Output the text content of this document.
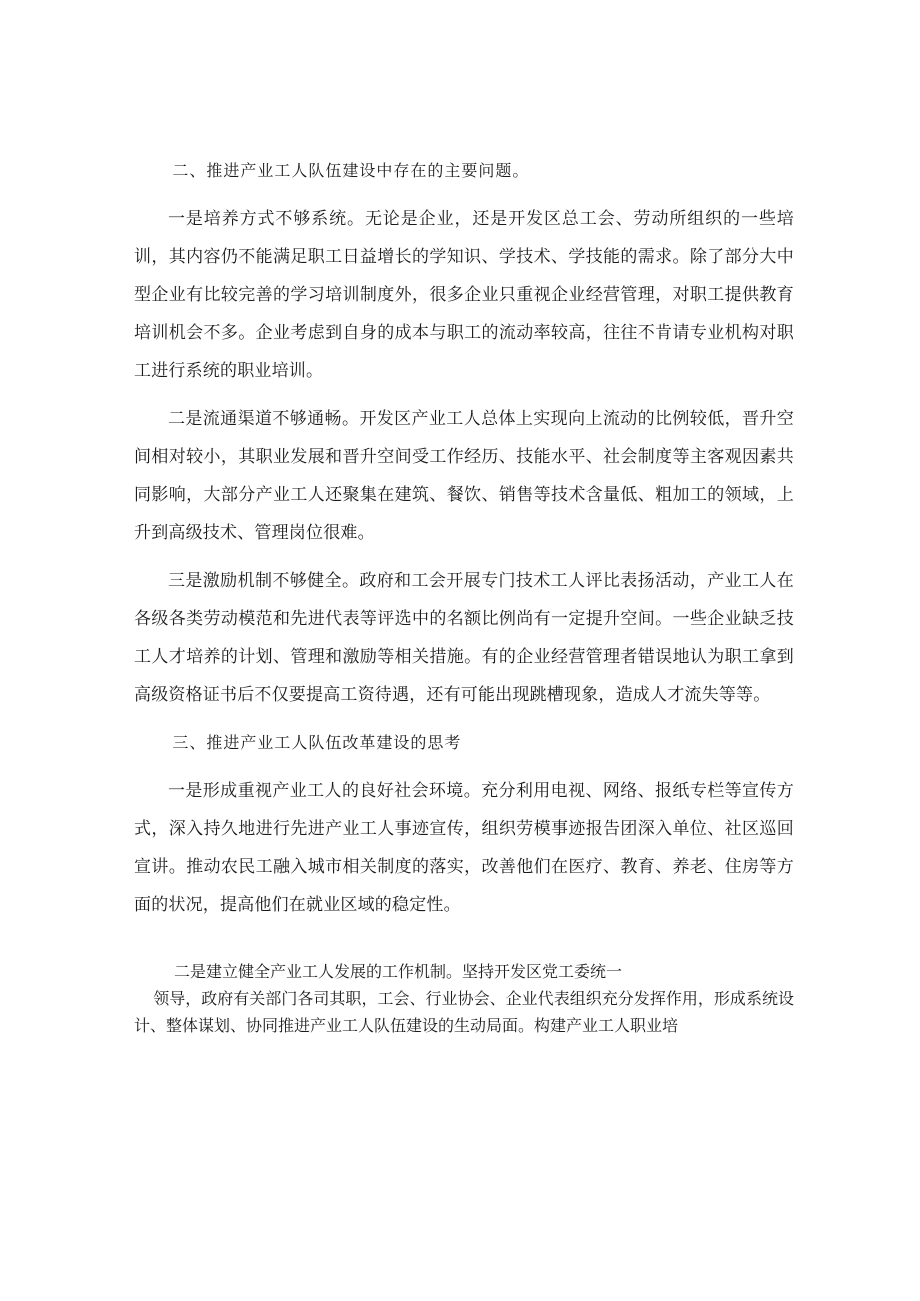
二、推进产业工人队伍建设中存在的主要问题。

一是培养方式不够系统。无论是企业，还是开发区总工会、劳动所组织的一些培训，其内容仍不能满足职工日益增长的学知识、学技术、学技能的需求。除了部分大中型企业有比较完善的学习培训制度外，很多企业只重视企业经营管理，对职工提供教育培训机会不多。企业考虑到自身的成本与职工的流动率较高，往往不肯请专业机构对职工进行系统的职业培训。

二是流通渠道不够通畅。开发区产业工人总体上实现向上流动的比例较低，晋升空间相对较小，其职业发展和晋升空间受工作经历、技能水平、社会制度等主客观因素共同影响，大部分产业工人还聚集在建筑、餐饮、销售等技术含量低、粗加工的领域，上升到高级技术、管理岗位很难。

三是激励机制不够健全。政府和工会开展专门技术工人评比表扬活动，产业工人在各级各类劳动模范和先进代表等评选中的名额比例尚有一定提升空间。一些企业缺乏技工人才培养的计划、管理和激励等相关措施。有的企业经营管理者错误地认为职工拿到高级资格证书后不仅要提高工资待遇，还有可能出现跳槽现象，造成人才流失等等。

三、推进产业工人队伍改革建设的思考

一是形成重视产业工人的良好社会环境。充分利用电视、网络、报纸专栏等宣传方式，深入持久地进行先进产业工人事迹宣传，组织劳模事迹报告团深入单位、社区巡回宣讲。推动农民工融入城市相关制度的落实，改善他们在医疗、教育、养老、住房等方面的状况，提高他们在就业区域的稳定性。

二是建立健全产业工人发展的工作机制。坚持开发区党工委统一
领导，政府有关部门各司其职，工会、行业协会、企业代表组织充分发挥作用，形成系统设计、整体谋划、协同推进产业工人队伍建设的生动局面。构建产业工人职业培
